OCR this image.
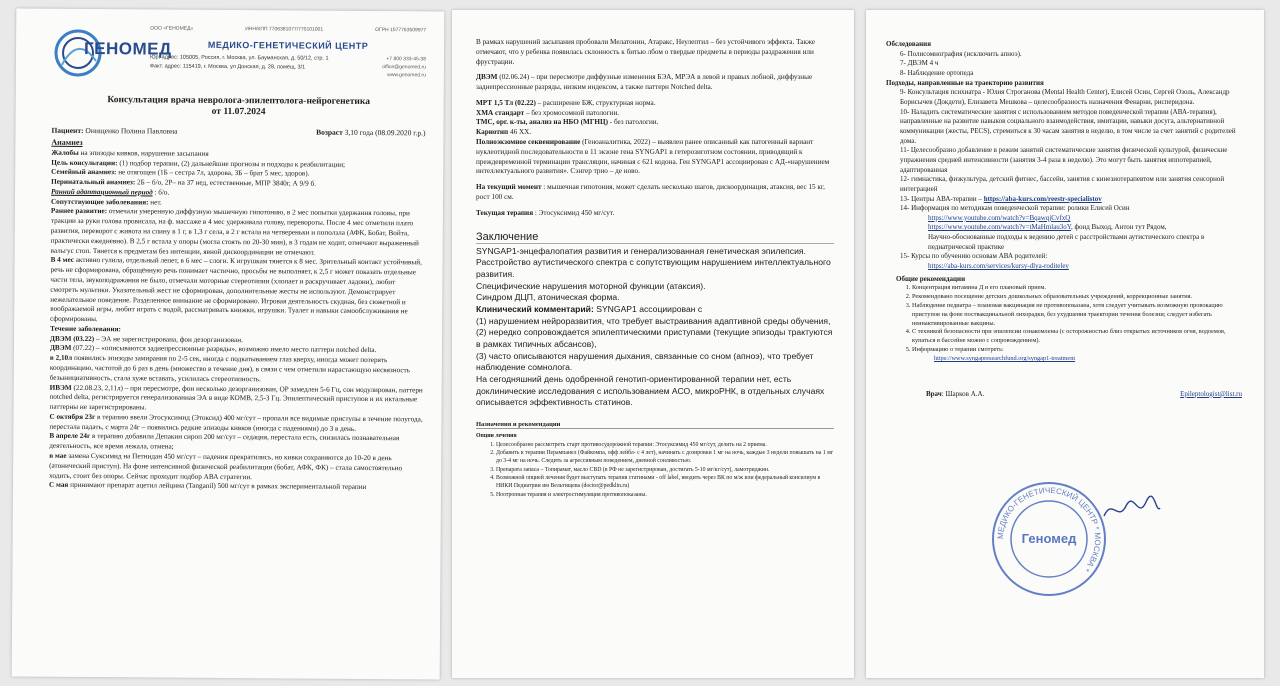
ГЕНОМЕД
ООО «ГЕНОМЕД»	ИНН/КПП 7706381077/770101001	ОГРН 1077763509977
МЕДИКО-ГЕНЕТИЧЕСКИЙ ЦЕНТР
Юр. адрес: 105005, Россия, г. Москва, ул. Бауманская, д. 50/12, стр. 1
Факт. адрес: 115419, г. Москва, ул Донская, д. 28, помещ. 3/1
+7 800 333-45-38
office@genomed.ru
www.genomed.ru
Консультация врача невролога-эпилептолога-нейрогенетика
от 11.07.2024
Пациент: Онищенко Полина Павловна	Возраст 3,10 года (08.09.2020 г.р.)
Анамнез

Жалобы на эпизоды кивков, нарушение засыпания

Цель консультации: (1) подбор терапии, (2) дальнейшие прогнозы и подходы к реабилитации;

Семейный анамнез: не отягощен (1Б – сестра 7л, здорова, 3Б – брат 5 мес, здоров).

Перинатальный анамнез: 2Б – б/о, 2Р– на 37 нед, естественные, МПР 3840г, А 9/9 б.

Ранний адаптационный период : б/о.

Сопутствующие заболевания: нет.

Раннее развитие: отмечали умеренную диффузную мышечную гипотонию, в 2 мес попытки удержания головы, при тракции за руки голова провисала, на ф. массаже в 4 мес удерживала голову, перевороты. После 4 мес отметили плато развития, переворот с живота на спину в 1 г, в 1,3 г села, в 2 г встала на четвереньки и поползла (АФК, Бобат, Войта, практически ежедневно). В 2,5 г встала у опоры (могла стоять по 20-30 мин), в 3 годам не ходит, отмечают выраженный вальгус стоп. Тянется к предметам без интенции, явной дискоординации не отмечают.

В 4 мес активно гулила, отдельный лепет, в 6 мес – слоги. К игрушкам тянется к 8 мес. Зрительный контакт устойчивый, речь не сформирована, обращённую речь понимает частично, просьбы не выполняет, к 2,5 г может показать отдельные части тела, звукоподражания не было, отмечали моторные стереотипии (хлопает и раскручивает ладони), любит смотреть мультики. Указательный жест не сформирован, дополнительные жесты не используют. Демонстрирует нежелательное поведение. Разделенное внимание не сформировано. Игровая деятельность скудная, без сюжетной и воображаемой игры, любит играть с водой, рассматривать книжки, игрушки. Туалет и навыки самообслуживания не сформированы.

Течение заболевания:

ДВЭМ (03.22) – ЭА не зарегистрирована, фон дезорганизован.

ДВЭМ (07.22) – «описываются задиепрессионные разряды», возможно имело место паттерн notched delta.

в 2,10л появились эпизоды замирания по 2-5 сек, иногда с подкатыванием глаз кверху, иногда может потерять координацию, частотой до 6 раз в день (множество в течение дня), в связи с чем отметили нарастающую несвязность безынициативность, стала хуже вставать, усилилась стереотипность.

ИВЭМ (22.08.23, 2,11л) – при пересмотре, фон несколько дезорганизован, ОР замедлен 5-6 Гц, сон модулирован, паттерн notched delta, регистрируется генерализованная ЭА в виде КОМВ, 2,5-3 Гц. Эпилептический приступов и их иктальные паттерны не зарегистрированы.

С октября 23г в терапию ввели Этосуксимид (Этоксид) 400 мг/сут – пропали все видимые приступы в течение полугода, перестала падать, с марта 24г – появились редкие эпизоды кивков (иногда с падениями) до 3 в день.

В апреле 24г в терапию добавили Депакин сироп 200 мг/сут – седация, перестала есть, снизилась познавательная деятельность, все время лежала, отмена;

в мае замена Суксимид на Петнидан 450 мг/сут – падения прекратились, но кивки сохраняются до 10-20 в день (атонический приступ). На фоне интенсивной физической реабилитации (бобат, АФК, ФК) – стала самостоятельно ходить, стоит без опоры. Сейчас проходит подбор АВА стратегии.

С мая принимают препарат ацетил лейцина (Tanganil) 500 мг/сут в рамках экспериментальной терапии

В рамках нарушений засыпания пробовали Мелатонин, Атаракс, Неулептил – без устойчивого эффекта. Также отмечают, что у ребенка появилась склонность к битью лбом о твердые предметы в периоды раздражения или фрустрации.

ДВЭМ (02.06.24) – при пересмотре диффузные изменения БЭА, МРЭА в левой и правых лобной, диффузные задиепрессионные разряды, низким индексом, а также паттерн Notched delta.

МРТ 1,5 Тл (02.22) – расширение БЖ, структурная норма.

ХМА стандарт – без хромосомной патологии.

ТМС, орг. к-ты, анализ на НБО (МГНЦ) - без патологии.

Кариотип 46 XX.

Полноэкзомное секвенирование (Геноаналитика, 2022) – выявлен ранее описанный как патогенный вариант нуклеотидной последовательности в 11 экзоне гена SYNGAP1 в гетерозиготном состоянии, приводящий к преждевременной терминации трансляции, начиная с 621 кодона. Ген SYNGAP1 ассоциирован с АД-«нарушением интеллектуального развития». Сэнгер трио – де ново.

На текущий момент : мышечная гипотония, может сделать несколько шагов, дискоординация, атаксия, вес 15 кг, рост 100 см.

Текущая терапия : Этосуксимид 450 мг/сут.

Заключение
SYNGAP1-энцефалопатия развития и генерализованная генетическая эпилепсия.
Расстройство аутистического спектра с сопутствующим нарушением интеллектуального развития.
Специфические нарушения моторной функции (атаксия).
Синдром ДЦП, атоническая форма.
Клинический комментарий: SYNGAP1 ассоциирован с
(1) нарушением нейроразвития, что требует выстраивания адаптивной среды обучения,
(2) нередко сопровождается эпилептическими приступами (текущие эпизоды трактуются в рамках типичных абсансов),
(3) часто описываются нарушения дыхания, связанные со сном (апноэ), что требует наблюдение сомнолога.
На сегодняшний день одобренной генотип-ориентированной терапии нет, есть доклинические исследования с использованием АСО, микроРНК, в отдельных случаях описывается эффективность статинов.
Назначения и рекомендации
Опции лечения
1. Целесообразно рассмотреть старт противосудорожной терапии: Этосуксимид 450 мг/сут, делить на 2 приема.
2. Добавить к терапии Перампанел (Файкомпа, офф лейбл- с 4 лет), начинать с дозировки 1 мг на ночь, каждые 3 недели повышать на 1 мг до 3-4 мг на ночь. Следить за агрессивным поведением, дневной сонливостью.
3. Препарата запаса – Топирамат, масло CBD (в РФ не зарегистрирован, достигать 5-10 мг/кг/сут), ламотриджин.
4. Возможной опцией лечения будет выступать терапия статинами - off label, вводить через ВК по м/ж или федеральный консилиум в НИКИ Педиатрии им Вельтищева (doctor@pedklin.ru)
5. Ноотропная терапия и электростимуляция противопоказаны.
Обследования
6- Полисомнография (исключить апноэ).
7- ДВЭМ 4 ч
8- Наблюдение ортопеда
Подходы, направленные на траекторию развития
9- Консультация психиатра - Юлия Строганова (Mental Health Center), Елисей Осин, Сергей Озоль, Александр Борисычев (Докдети), Елизавета Мешкова – целесообразность назначения Фенарни, рисперидона.
10- Наладить систематические занятия с использованием методов поведенческой терапии (АВА-терапия), направленные на развитие навыков социального взаимодействия, имитации, навыки досуга, альтернативной коммуникации (жесты, PECS), стремиться к 30 часам занятия в неделю, в том числе за счет занятий с родителей дома.
11- Целесообразно добавление в режим занятий систематические занятия физической культурой, физические упражнения средней интенсивности (занятия 3-4 раза в неделю). Это могут быть занятия иппотерапией, адаптированная
12- гимнастика, физкультура, детский фитнес, бассейн, занятия с кинезиотерапевтом или занятия сенсорной интеграцией
13- Центры АВА-терапии – https://aba-kurs.com/reestr-specialistov
14- Информация по методикам поведенческой терапии: ролики Елисей Осин
https://www.youtube.com/watch?v=BqawqjCvfxQ
https://www.youtube.com/watch?v=tMaHmlau3oY, фонд Выход, Антон тут Рядом,
Научно-обоснованные подходы к ведению детей с расстройствами аутистического спектра в педиатрической практике
15- Курсы по обучению основам АВА родителей:
https://aba-kurs.com/services/kursy-dlya-roditeley
Общие рекомендации
1. Концентрация витамина Д и его плановый прием.
2. Рекомендовано посещение детских дошкольных образовательных учреждений, коррекционные занятия.
3. Наблюдение педиатра – плановая вакцинация не противопоказана, хотя следует учитывать возможную провокацию приступов на фоне поствакцинальной лихорадки, без ухудшения траектории течения болезни; следует избегать неинактивированные вакцины.
4. С техникой безопасности при эпилепсии ознакомлены (с осторожностью близ открытых источников огня, водоемов, купаться в бассейне можно с сопровождением).
5. Информацию о терапии смотреть:
https://www.syngapresearchfund.org/syngap1-treatment
Врач: Шарков А.А.	Epileptologist@list.ru
МЕДИКО-ГЕНЕТИЧЕСКИЙ ЦЕНТР * МОСКВА *
Геномед
